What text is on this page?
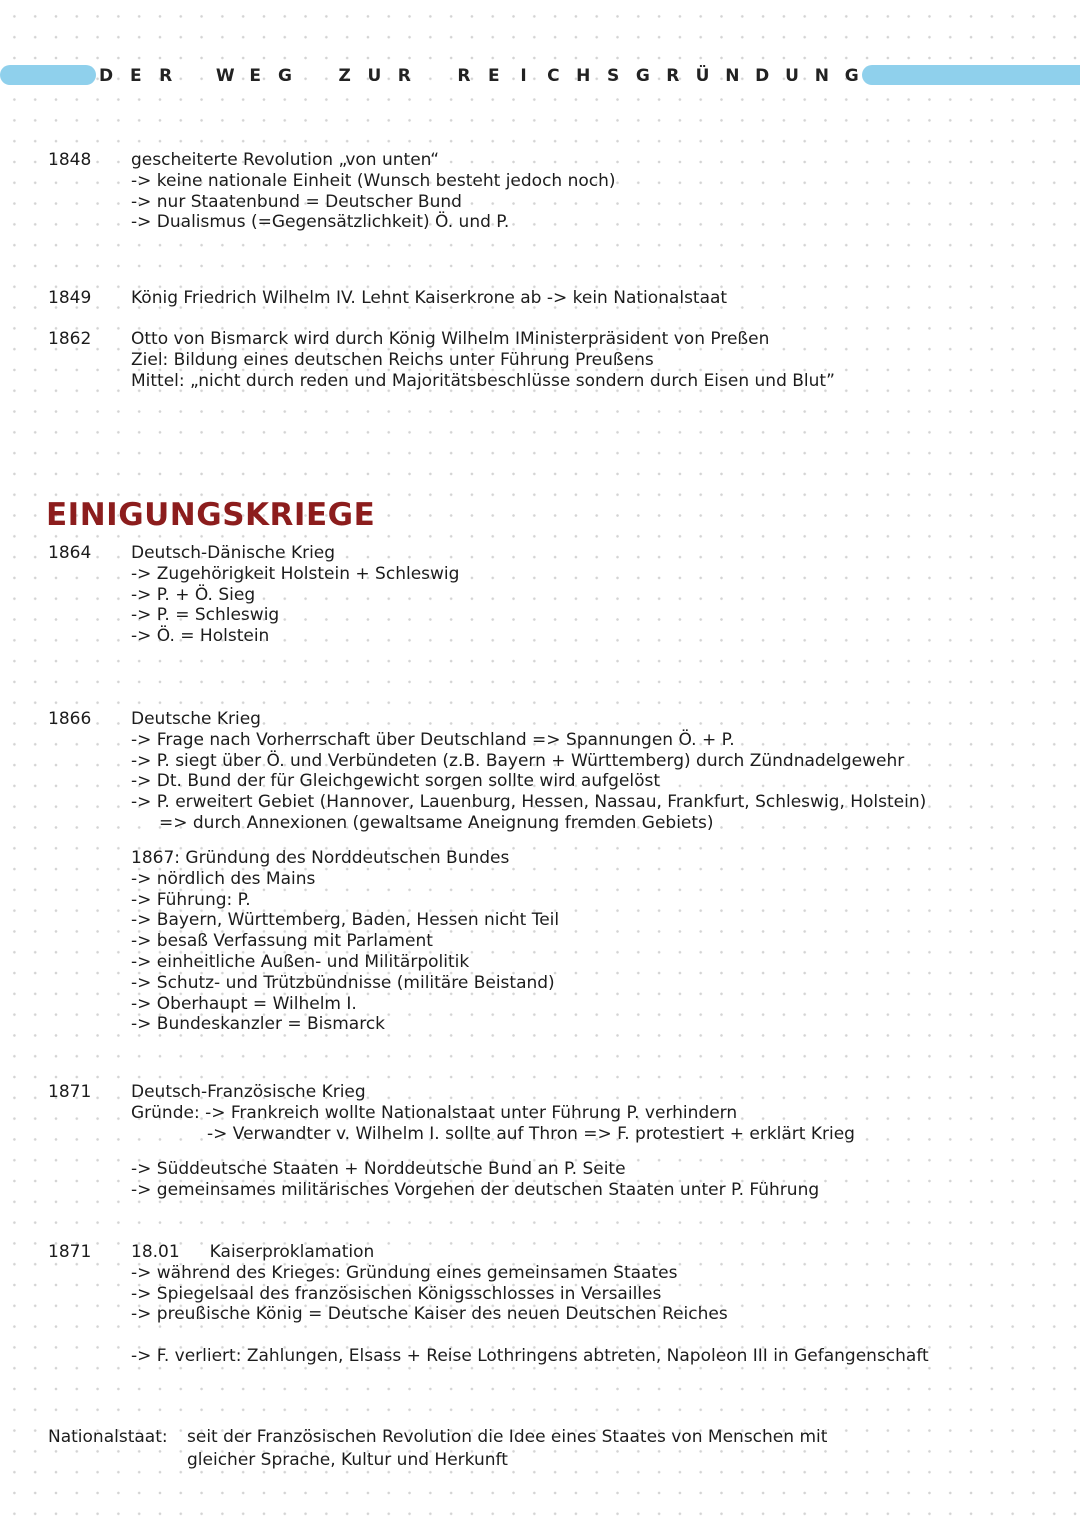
D E R	W E G	Z U R	R E	I	C H S G R Ü N D U N G
1848	gescheiterte Revolution „von unten“
-> keine nationale Einheit (Wunsch besteht jedoch noch)
-> nur Staatenbund = Deutscher Bund
-> Dualismus (=Gegensätzlichkeit) Ö. und P.
1849	König Friedrich Wilhelm IV. Lehnt Kaiserkrone ab -> kein Nationalstaat
1862	Otto von Bismarck wird durch König Wilhelm IMinisterpräsident von Preßen
Ziel: Bildung eines deutschen Reichs unter Führung Preußens
Mittel: „nicht durch reden und Majoritätsbeschlüsse sondern durch Eisen und Blut”
EINIGUNGSKRIEGE
1864	Deutsch-Dänische Krieg
-> Zugehörigkeit Holstein + Schleswig
-> P. + Ö. Sieg
-> P. = Schleswig
-> Ö. = Holstein
1866	Deutsche Krieg
-> Frage nach Vorherrschaft über Deutschland => Spannungen Ö. + P.
-> P. siegt über Ö. und Verbündeten (z.B. Bayern + Württemberg) durch Zündnadelgewehr
-> Dt. Bund der für Gleichgewicht sorgen sollte wird aufgelöst
-> P. erweitert Gebiet (Hannover, Lauenburg, Hessen, Nassau, Frankfurt, Schleswig, Holstein)
=> durch Annexionen (gewaltsame Aneignung fremden Gebiets)
1867: Gründung des Norddeutschen Bundes
-> nördlich des Mains
-> Führung: P.
-> Bayern, Württemberg, Baden, Hessen nicht Teil
-> besaß Verfassung mit Parlament
-> einheitliche Außen- und Militärpolitik
-> Schutz- und Trützbündnisse (militäre Beistand)
-> Oberhaupt = Wilhelm I.
-> Bundeskanzler = Bismarck
1871	Deutsch-Französische Krieg
Gründe: -> Frankreich wollte Nationalstaat unter Führung P. verhindern
-> Verwandter v. Wilhelm I. sollte auf Thron => F. protestiert + erklärt Krieg
-> Süddeutsche Staaten + Norddeutsche Bund an P. Seite
-> gemeinsames militärisches Vorgehen der deutschen Staaten unter P. Führung
1871	18.01 Kaiserproklamation
-> während des Krieges: Gründung eines gemeinsamen Staates
-> Spiegelsaal des französischen Königsschlosses in Versailles
-> preußische König = Deutsche Kaiser des neuen Deutschen Reiches
-> F. verliert: Zahlungen, Elsass + Reise Lothringens abtreten, Napoleon III in Gefangenschaft
Nationalstaat: seit der Französischen Revolution die Idee eines Staates von Menschen mit
gleicher Sprache, Kultur und Herkunft
